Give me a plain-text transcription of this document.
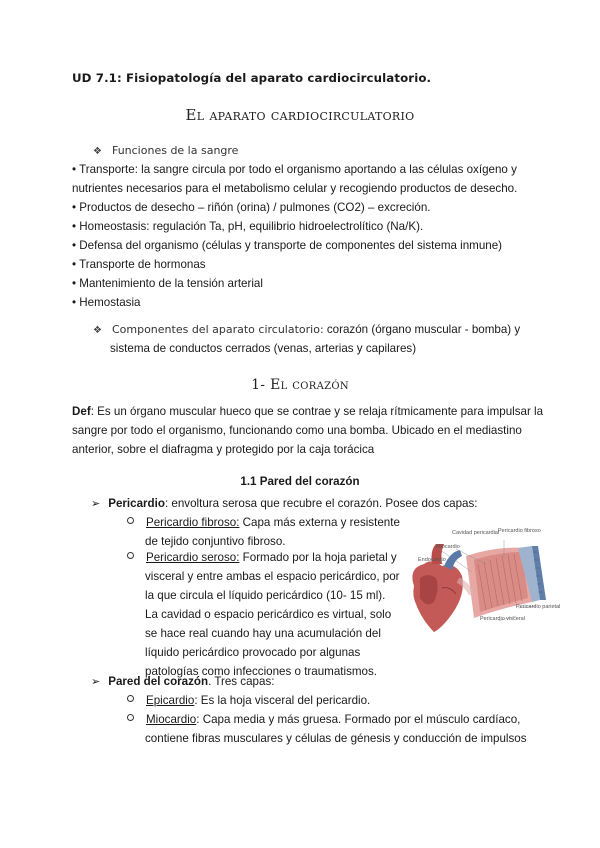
UD 7.1: Fisiopatología del aparato cardiocirculatorio.
El aparato cardiocirculatorio
❖ Funciones de la sangre
• Transporte: la sangre circula por todo el organismo aportando a las células oxígeno y
nutrientes necesarios para el metabolismo celular y recogiendo productos de desecho.
• Productos de desecho – riñón (orina) / pulmones (CO2) – excreción.
• Homeostasis: regulación Ta, pH, equilibrio hidroelectrolítico (Na/K).
• Defensa del organismo (células y transporte de componentes del sistema inmune)
• Transporte de hormonas
• Mantenimiento de la tensión arterial
• Hemostasia
❖ Componentes del aparato circulatorio: corazón (órgano muscular - bomba) y
sistema de conductos cerrados (venas, arterias y capilares)
1- El corazón
Def: Es un órgano muscular hueco que se contrae y se relaja rítmicamente para impulsar la
sangre por todo el organismo, funcionando como una bomba. Ubicado en el mediastino
anterior, sobre el diafragma y protegido por la caja torácica
1.1 Pared del corazón
➢ Pericardio: envoltura serosa que recubre el corazón. Posee dos capas:
Pericardio fibroso: Capa más externa y resistente
de tejido conjuntivo fibroso.
Pericardio seroso: Formado por la hoja parietal y
visceral y entre ambas el espacio pericárdico, por
la que circula el líquido pericárdico (10- 15 ml).
La cavidad o espacio pericárdico es virtual, solo
se hace real cuando hay una acumulación del
líquido pericárdico provocado por algunas
patologías como infecciones o traumatismos.
Cavidad pericardial
Pericardio fibroso
Miocardio
Endocardio
Pericardio parietal
Pericardio visceral
➢ Pared del corazón. Tres capas:
Epicardio: Es la hoja visceral del pericardio.
Miocardio: Capa media y más gruesa. Formado por el músculo cardíaco,
contiene fibras musculares y células de génesis y conducción de impulsos
